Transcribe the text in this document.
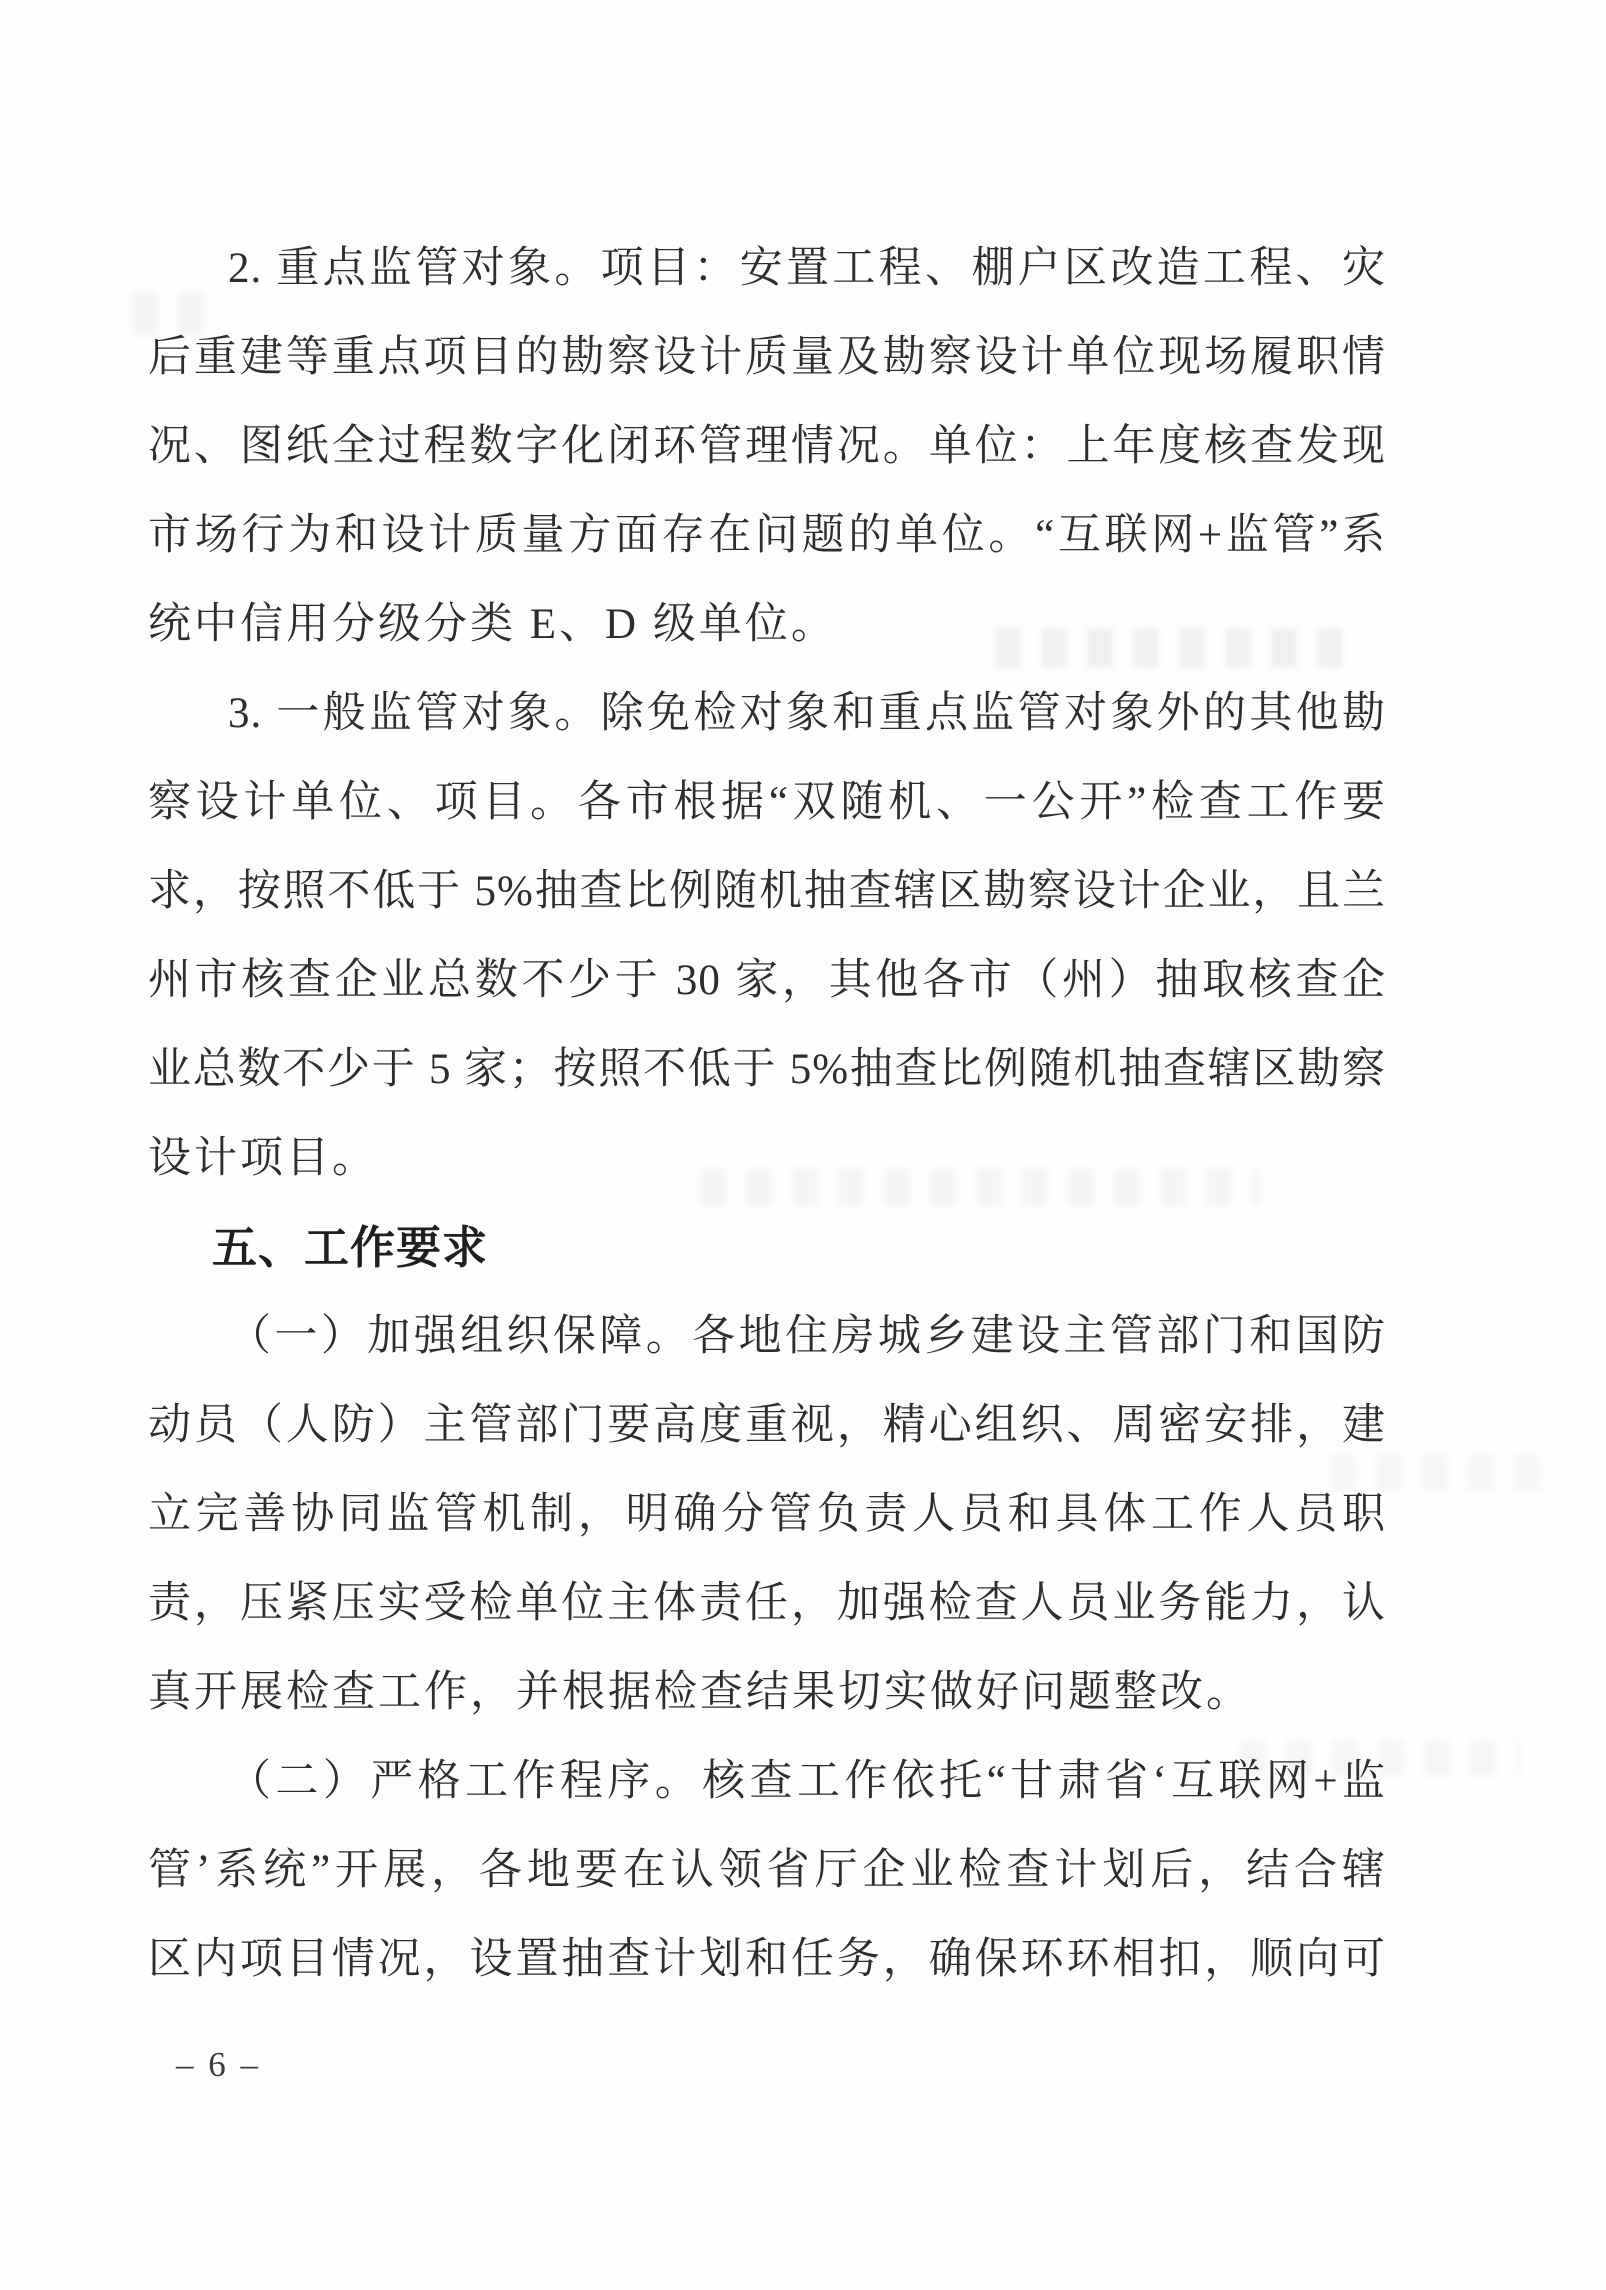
2. 重点监管对象。项目：安置工程、棚户区改造工程、灾
后重建等重点项目的勘察设计质量及勘察设计单位现场履职情
况、图纸全过程数字化闭环管理情况。单位：上年度核查发现
市场行为和设计质量方面存在问题的单位。“互联网+监管”系
统中信用分级分类 E、D 级单位。
3. 一般监管对象。除免检对象和重点监管对象外的其他勘
察设计单位、项目。各市根据“双随机、一公开”检查工作要
求，按照不低于 5%抽查比例随机抽查辖区勘察设计企业，且兰
州市核查企业总数不少于 30 家，其他各市（州）抽取核查企
业总数不少于 5 家；按照不低于 5%抽查比例随机抽查辖区勘察
设计项目。
五、工作要求
（一）加强组织保障。各地住房城乡建设主管部门和国防
动员（人防）主管部门要高度重视，精心组织、周密安排，建
立完善协同监管机制，明确分管负责人员和具体工作人员职
责，压紧压实受检单位主体责任，加强检查人员业务能力，认
真开展检查工作，并根据检查结果切实做好问题整改。
（二）严格工作程序。核查工作依托“甘肃省‘互联网+监
管’系统”开展，各地要在认领省厅企业检查计划后，结合辖
区内项目情况，设置抽查计划和任务，确保环环相扣，顺向可
– 6 –
